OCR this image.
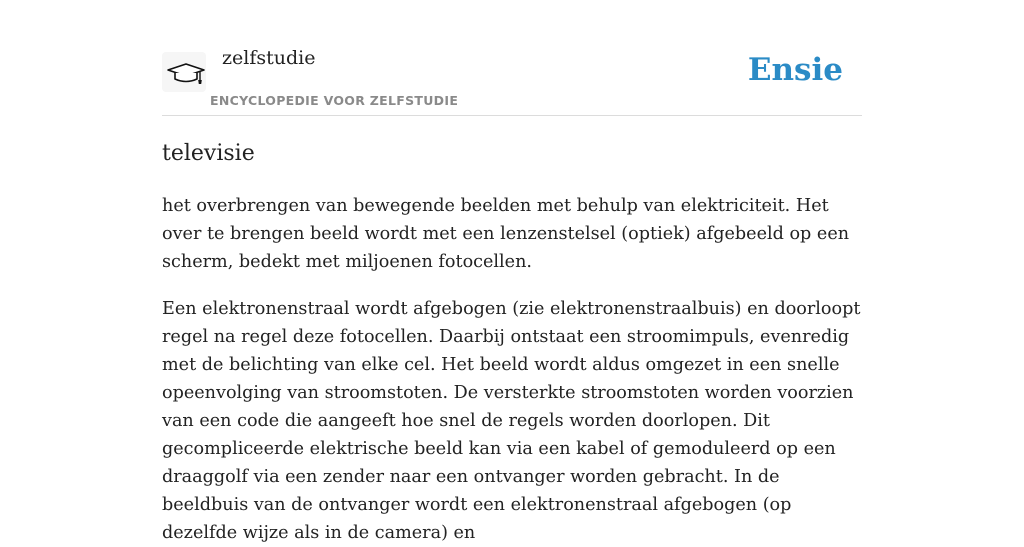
zelfstudie
ENCYCLOPEDIE VOOR ZELFSTUDIE
Ensie
televisie

het overbrengen van bewegende beelden met behulp van elektriciteit. Het over te brengen beeld wordt met een lenzenstelsel (optiek) afgebeeld op een scherm, bedekt met miljoenen fotocellen.

Een elektronenstraal wordt afgebogen (zie elektronenstraalbuis) en doorloopt regel na regel deze fotocellen. Daarbij ontstaat een stroomimpuls, evenredig met de belichting van elke cel. Het beeld wordt aldus omgezet in een snelle opeenvolging van stroomstoten. De versterkte stroomstoten worden voorzien van een code die aangeeft hoe snel de regels worden doorlopen. Dit gecompliceerde elektrische beeld kan via een kabel of gemoduleerd op een draaggolf via een zender naar een ontvanger worden gebracht. In de beeldbuis van de ontvanger wordt een elektronenstraal afgebogen (op dezelfde wijze als in de camera) en
